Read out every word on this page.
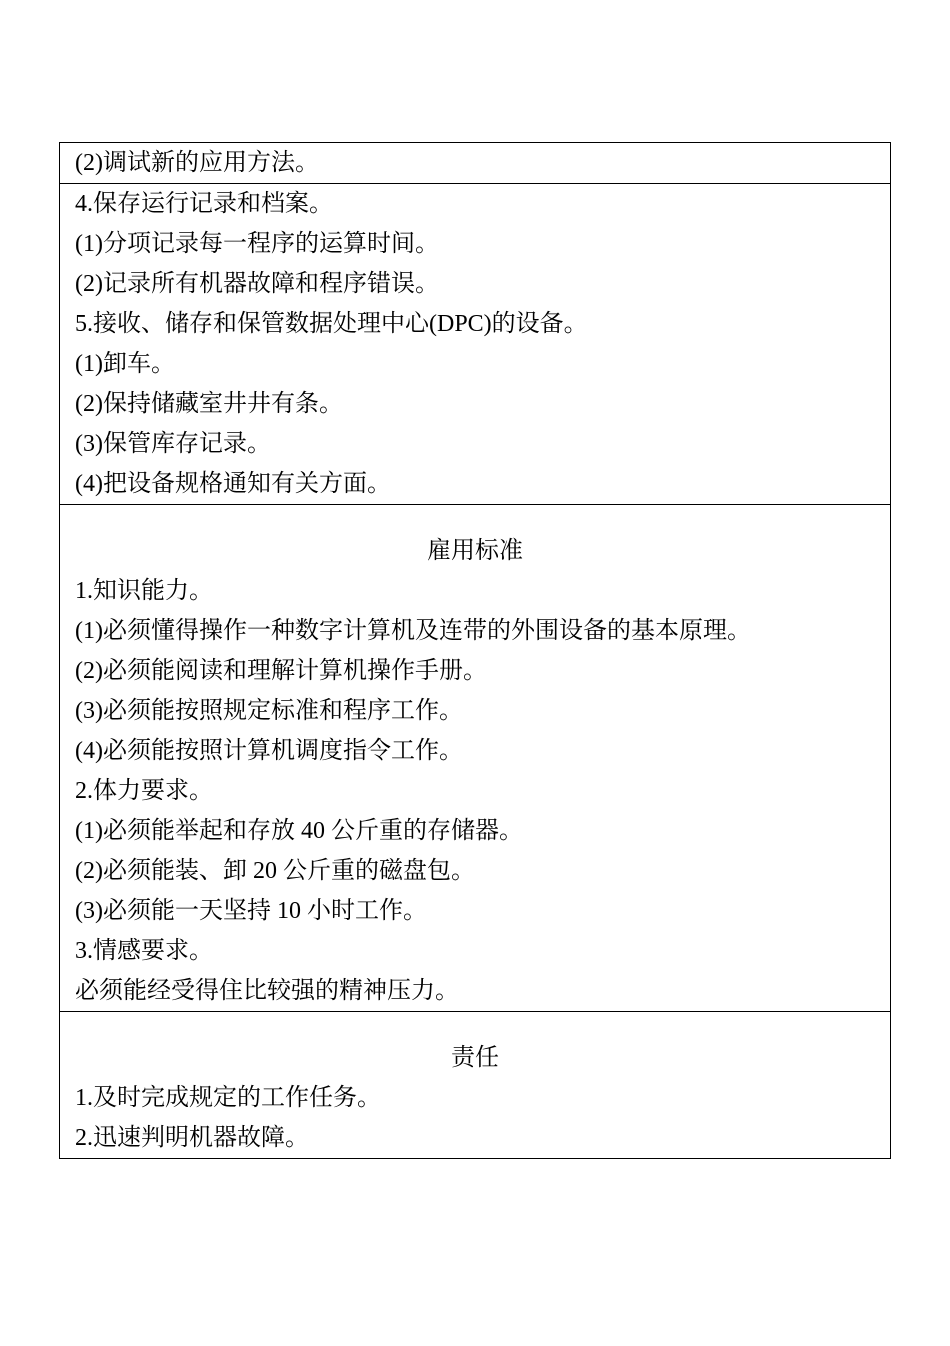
(2)调试新的应用方法。

4.保存运行记录和档案。
(1)分项记录每一程序的运算时间。
(2)记录所有机器故障和程序错误。
5.接收、储存和保管数据处理中心(DPC)的设备。
(1)卸车。
(2)保持储藏室井井有条。
(3)保管库存记录。
(4)把设备规格通知有关方面。

雇用标准
1.知识能力。
(1)必须懂得操作一种数字计算机及连带的外围设备的基本原理。
(2)必须能阅读和理解计算机操作手册。
(3)必须能按照规定标准和程序工作。
(4)必须能按照计算机调度指令工作。
2.体力要求。
(1)必须能举起和存放 40 公斤重的存储器。
(2)必须能装、卸 20 公斤重的磁盘包。
(3)必须能一天坚持 10 小时工作。
3.情感要求。
必须能经受得住比较强的精神压力。

责任
1.及时完成规定的工作任务。
2.迅速判明机器故障。
